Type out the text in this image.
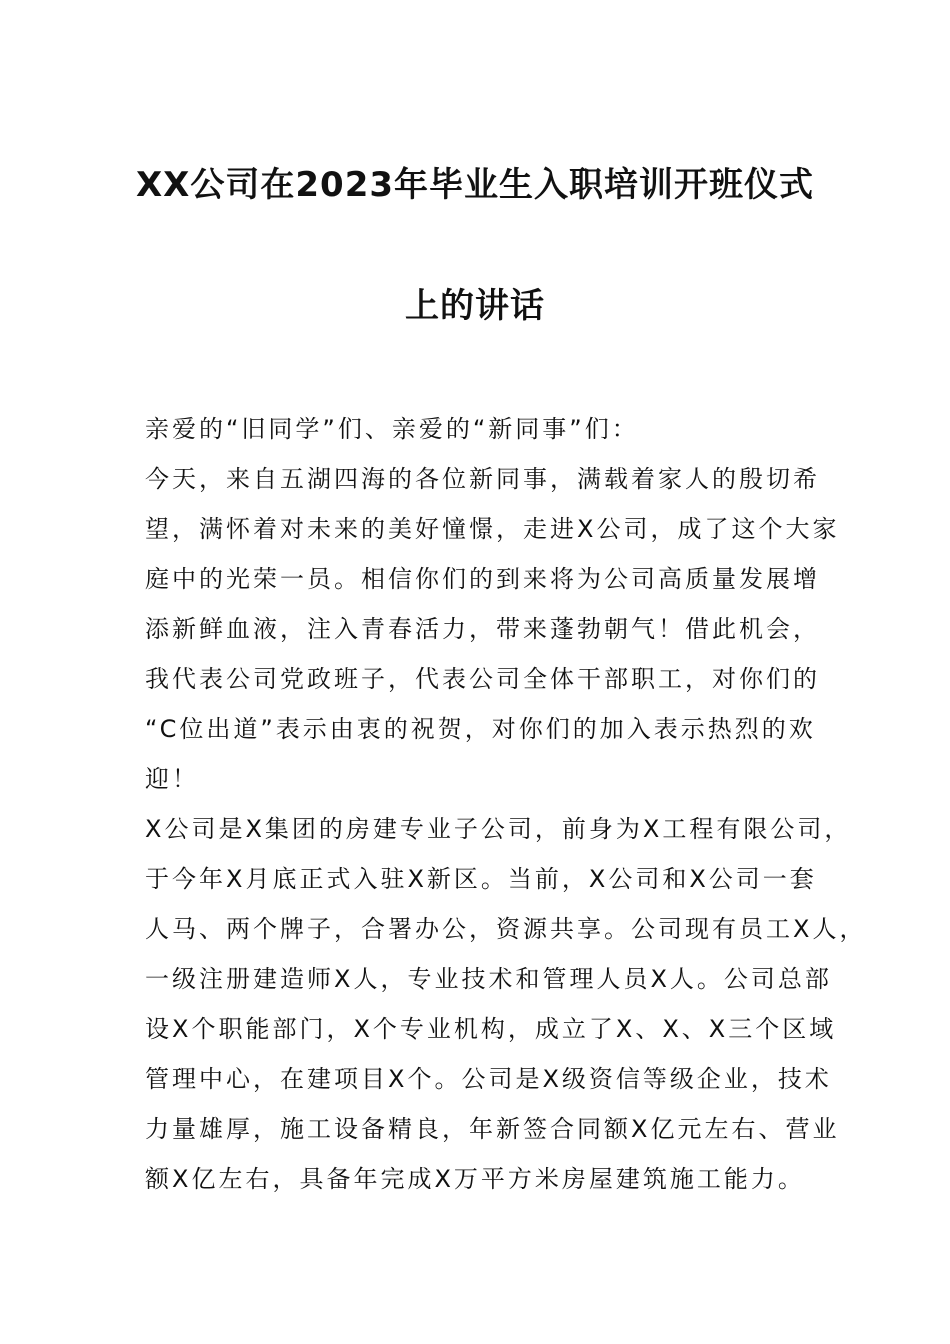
XX公司在2023年毕业生入职培训开班仪式
上的讲话
亲爱的“旧同学”们、亲爱的“新同事”们：
今天，来自五湖四海的各位新同事，满载着家人的殷切希
望，满怀着对未来的美好憧憬，走进X公司，成了这个大家
庭中的光荣一员。相信你们的到来将为公司高质量发展增
添新鲜血液，注入青春活力，带来蓬勃朝气！借此机会，
我代表公司党政班子，代表公司全体干部职工，对你们的
“C位出道”表示由衷的祝贺，对你们的加入表示热烈的欢
迎！
X公司是X集团的房建专业子公司，前身为X工程有限公司，
于今年X月底正式入驻X新区。当前，X公司和X公司一套
人马、两个牌子，合署办公，资源共享。公司现有员工X人，
一级注册建造师X人，专业技术和管理人员X人。公司总部
设X个职能部门，X个专业机构，成立了X、X、X三个区域
管理中心，在建项目X个。公司是X级资信等级企业，技术
力量雄厚，施工设备精良，年新签合同额X亿元左右、营业
额X亿左右，具备年完成X万平方米房屋建筑施工能力。
